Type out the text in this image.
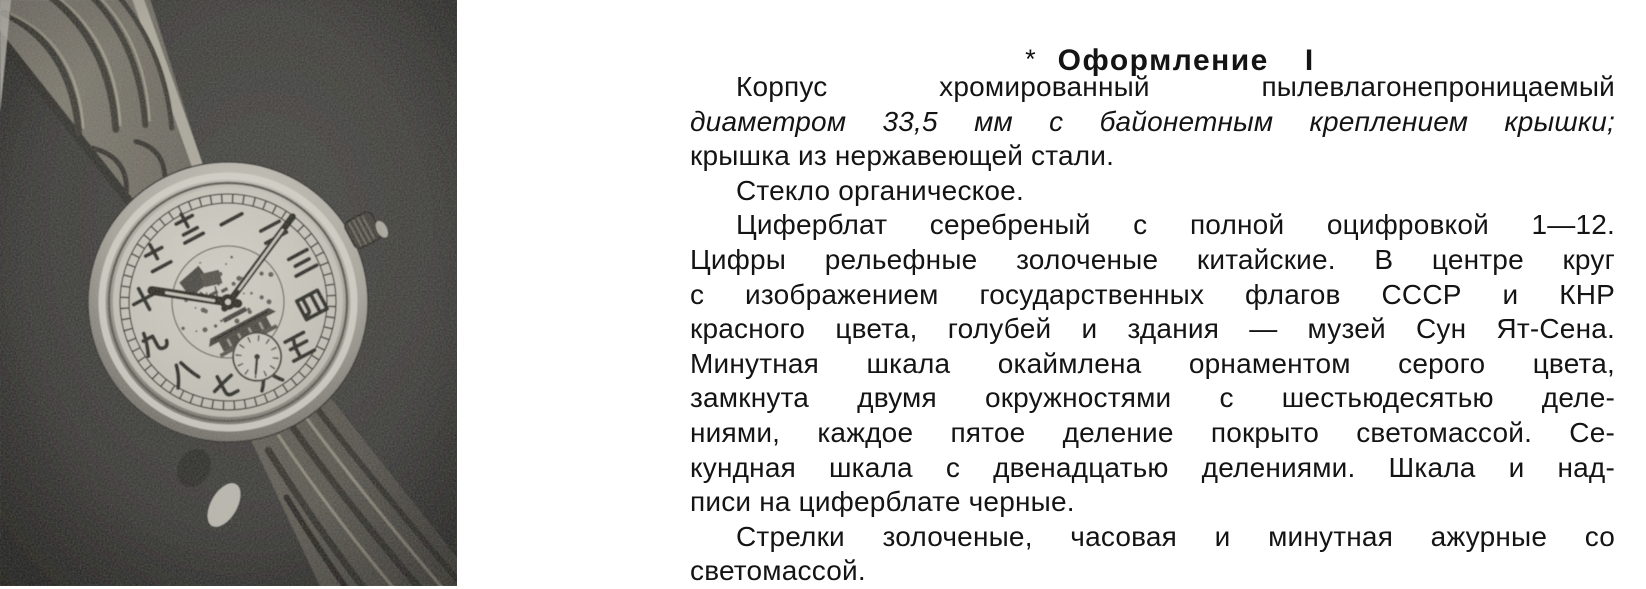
* Оформление I

Корпус хромированный пылевлагонепроницаемый
диаметром 33,5 мм с байонетным креплением крышки;
крышка из нержавеющей стали.
Стекло органическое.
Циферблат серебреный с полной оцифровкой 1—12.
Цифры рельефные золоченые китайские. В центре круг
с изображением государственных флагов СССР и КНР
красного цвета, голубей и здания — музей Сун Ят-Сена.
Минутная шкала окаймлена орнаментом серого цвета,
замкнута двумя окружностями с шестьюдесятью деле-
ниями, каждое пятое деление покрыто светомассой. Се-
кундная шкала с двенадцатью делениями. Шкала и над-
писи на циферблате черные.
Стрелки золоченые, часовая и минутная ажурные со
светомассой.
